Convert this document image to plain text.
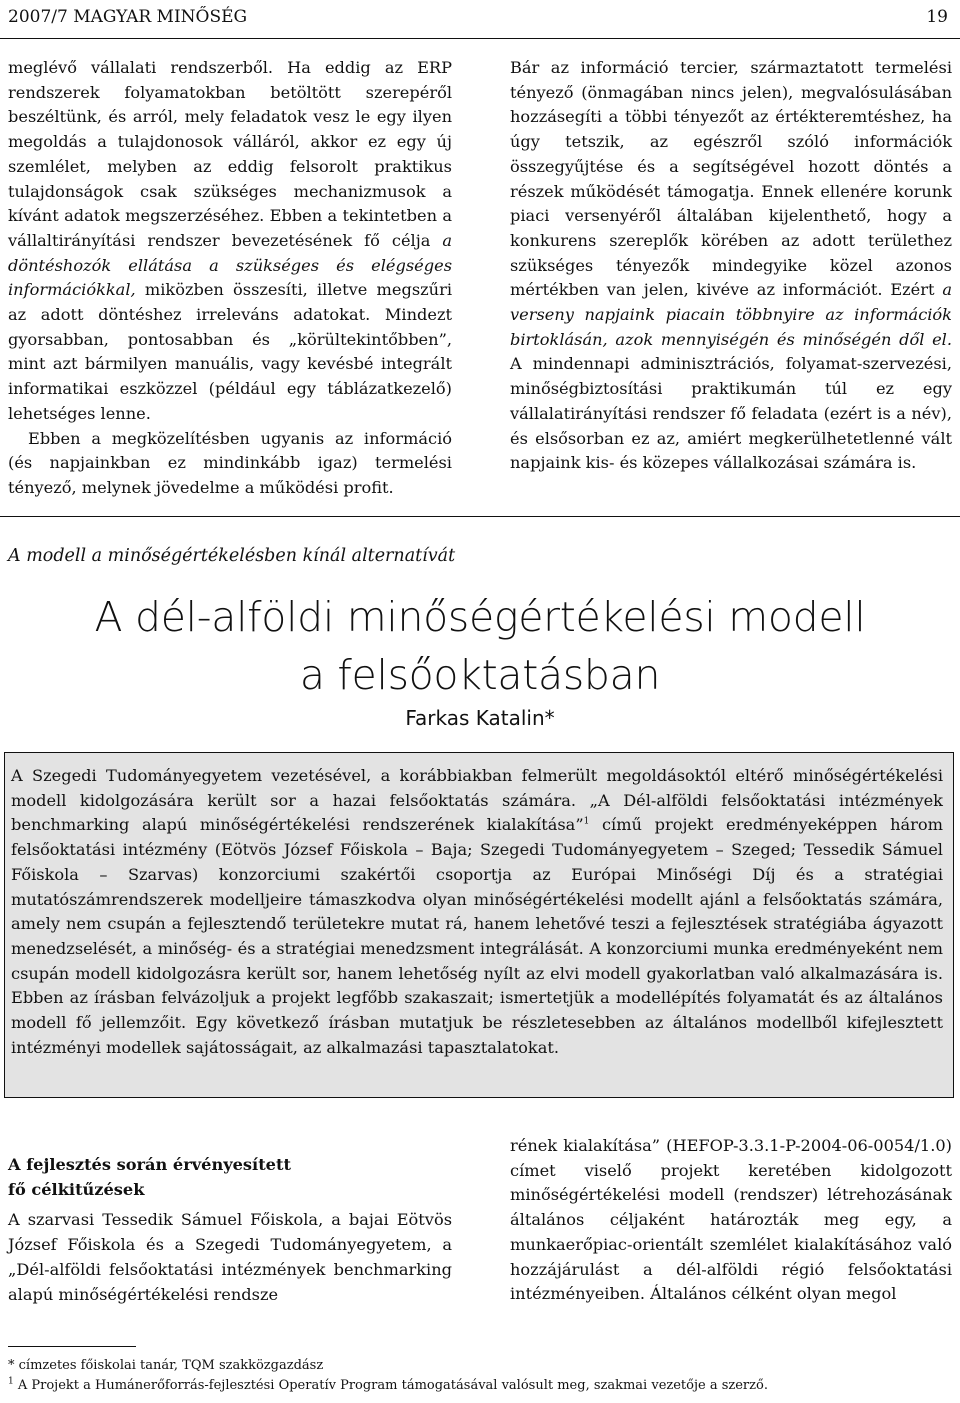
2007/7 MAGYAR MINŐSÉG	19

meglévő vállalati rendszerből. Ha eddig az ERP rendszerek folyamatokban betöltött szerepéről beszéltünk, és arról, mely feladatok vesz le egy ilyen megoldás a tulajdonosok válláról, akkor ez egy új szemlélet, melyben az eddig felsorolt praktikus tulajdonságok csak szükséges mechanizmusok a kívánt adatok megszerzéséhez. Ebben a tekintetben a vállaltirányítási rendszer bevezetésének fő célja a döntéshozók ellátása a szükséges és elégséges információkkal, miközben összesíti, illetve megszűri az adott döntéshez irreleváns adatokat. Mindezt gyorsabban, pontosabban és „körültekintőbben”, mint azt bármilyen manuális, vagy kevésbé integrált informatikai eszközzel (például egy táblázatkezelő) lehetséges lenne.

Ebben a megközelítésben ugyanis az információ (és napjainkban ez mindinkább igaz) termelési tényező, melynek jövedelme a működési profit.

Bár az információ tercier, származtatott termelési tényező (önmagában nincs jelen), megvalósulásában hozzásegíti a többi tényezőt az értékteremtéshez, ha úgy tetszik, az egészről szóló információk összegyűjtése és a segítségével hozott döntés a részek működését támogatja. Ennek ellenére korunk piaci versenyéről általában kijelenthető, hogy a konkurens szereplők körében az adott területhez szükséges tényezők mindegyike közel azonos mértékben van jelen, kivéve az információt. Ezért a verseny napjaink piacain többnyire az információk birtoklásán, azok mennyiségén és minőségén dől el. A mindennapi adminisztrációs, folyamat-szervezési, minőségbiztosítási praktikumán túl ez egy vállalatirányítási rendszer fő feladata (ezért is a név), és elsősorban ez az, amiért megkerülhetetlenné vált napjaink kis- és közepes vállalkozásai számára is.

A modell a minőségértékelésben kínál alternatívát
A dél-alföldi minőségértékelési modell
a felsőoktatásban
Farkas Katalin*

A Szegedi Tudományegyetem vezetésével, a korábbiakban felmerült megoldásoktól eltérő minőségértékelési modell kidolgozására került sor a hazai felsőoktatás számára. „A Dél-alföldi felsőoktatási intézmények benchmarking alapú minőségértékelési rendszerének kialakítása”$^1$ című projekt eredményeképpen három felsőoktatási intézmény (Eötvös József Főiskola – Baja; Szegedi Tudományegyetem – Szeged; Tessedik Sámuel Főiskola – Szarvas) konzorciumi szakértői csoportja az Európai Minőségi Díj és a stratégiai mutatószámrendszerek modelljeire támaszkodva olyan minőségértékelési modellt ajánl a felsőoktatás számára, amely nem csupán a fejlesztendő területekre mutat rá, hanem lehetővé teszi a fejlesztések stratégiába ágyazott menedzselését, a minőség- és a stratégiai menedzsment integrálását. A konzorciumi munka eredményeként nem csupán modell kidolgozásra került sor, hanem lehetőség nyílt az elvi modell gyakorlatban való alkalmazására is. Ebben az írásban felvázoljuk a projekt legfőbb szakaszait; ismertetjük a modellépítés folyamatát és az általános modell fő jellemzőit. Egy következő írásban mutatjuk be részletesebben az általános modellből kifejlesztett intézményi modellek sajátosságait, az alkalmazási tapasztalatokat.

A fejlesztés során érvényesített
fő célkitűzések

A szarvasi Tessedik Sámuel Főiskola, a bajai Eötvös József Főiskola és a Szegedi Tudományegyetem, a „Dél-alföldi felsőoktatási intézmények benchmarking alapú minőségértékelési rendsze

rének kialakítása” (HEFOP-3.3.1-P-2004-06-0054/1.0) címet viselő projekt keretében kidolgozott minőségértékelési modell (rendszer) létrehozásának általános céljaként határozták meg egy, a munkaerőpiac-orientált szemlélet kialakításához való hozzájárulást a dél-alföldi régió felsőoktatási intézményeiben. Általános célként olyan megol

* címzetes főiskolai tanár, TQM szakközgazdász
$^1$ A Projekt a Humánerőforrás-fejlesztési Operatív Program támogatásával valósult meg, szakmai vezetője a szerző.
